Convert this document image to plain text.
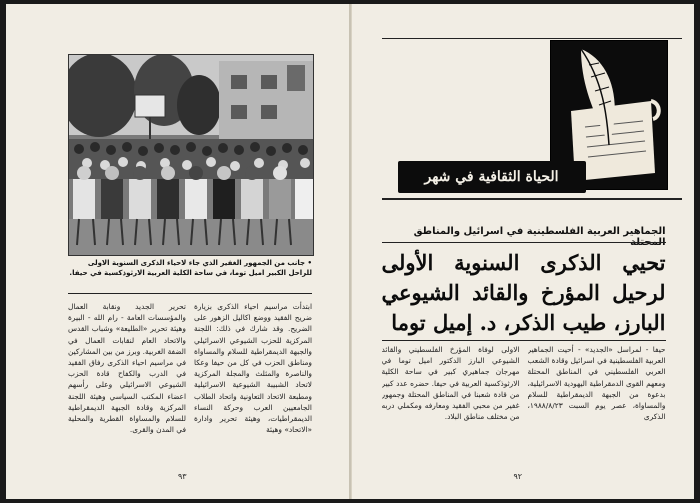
• جانب من الجمهور الغفير الذي جاء لاحياء الذكرى السنوية الاولى للراحل الكبير اميل توما، في ساحة الكلية العربية الارثوذكسية في حيفا.
ابتدأت مراسيم احياء الذكرى بزيارة ضريح الفقيد ووضع اكاليل الزهور على الضريح. وقد شارك في ذلك: اللجنة المركزية للحزب الشيوعي الاسرائيلي والجبهة الديمقراطية للسلام والمساواة ومناطق الحزب في كل من حيفا وعكا والناصرة والمثلث والمجلة المركزية لاتحاد الشبيبة الشيوعية الاسرائيلية ومطبعة الاتحاد التعاونية واتحاد الطلاب الجامعيين العرب وحركة النساء الديمقراطيات، وهيئة تحرير وادارة «الاتحاد» وهيئة
تحرير الجديد ونقابة العمال والمؤسسات العامة - رام الله - البيرة وهيئة تحرير «الطليعة» وشباب القدس والاتحاد العام لنقابات العمال في الضفة الغربية. وبرز من بين المشاركين في مراسيم احياء الذكرى رفاق الفقيد في الدرب والكفاح قادة الحزب الشيوعي الاسرائيلي وعلى رأسهم اعضاء المكتب السياسي وهيئة اللجنة المركزية وقادة الجبهة الديمقراطية للسلام والمساواة القطرية والمحلية في المدن والقرى.
٩٣
الحياة الثقافية في شهر
الجماهير العربية الفلسطينية في اسرائيل والمناطق
تحيي الذكرى السنوية الأولى لرحيل المؤرخ والقائد الشيوعي البارز، طيب الذكر، د. إميل توما
حيفا - لمراسل «الجديد» - أحيت الجماهير العربية الفلسطينية في اسرائيل وقادة الشعب العربي الفلسطيني في المناطق المحتلة ومعهم القوى الدمقراطية اليهودية الاسرائيلية، بدعوة من الجبهة الديمقراطية للسلام والمساواة، عصر يوم السبت ١٩٨٨/٨/٢٣، الذكرى
الاولى لوفاة المؤرخ الفلسطيني والقائد الشيوعي البارز الدكتور اميل توما في مهرجان جماهيري كبير في ساحة الكلية الارثوذكسية العربية في حيفا. حضره عدد كبير من قادة شعبنا في المناطق المحتلة وجمهور غفير من محبي الفقيد ومعارفه ومكملي دربه من مختلف مناطق البلاد.
٩٢
